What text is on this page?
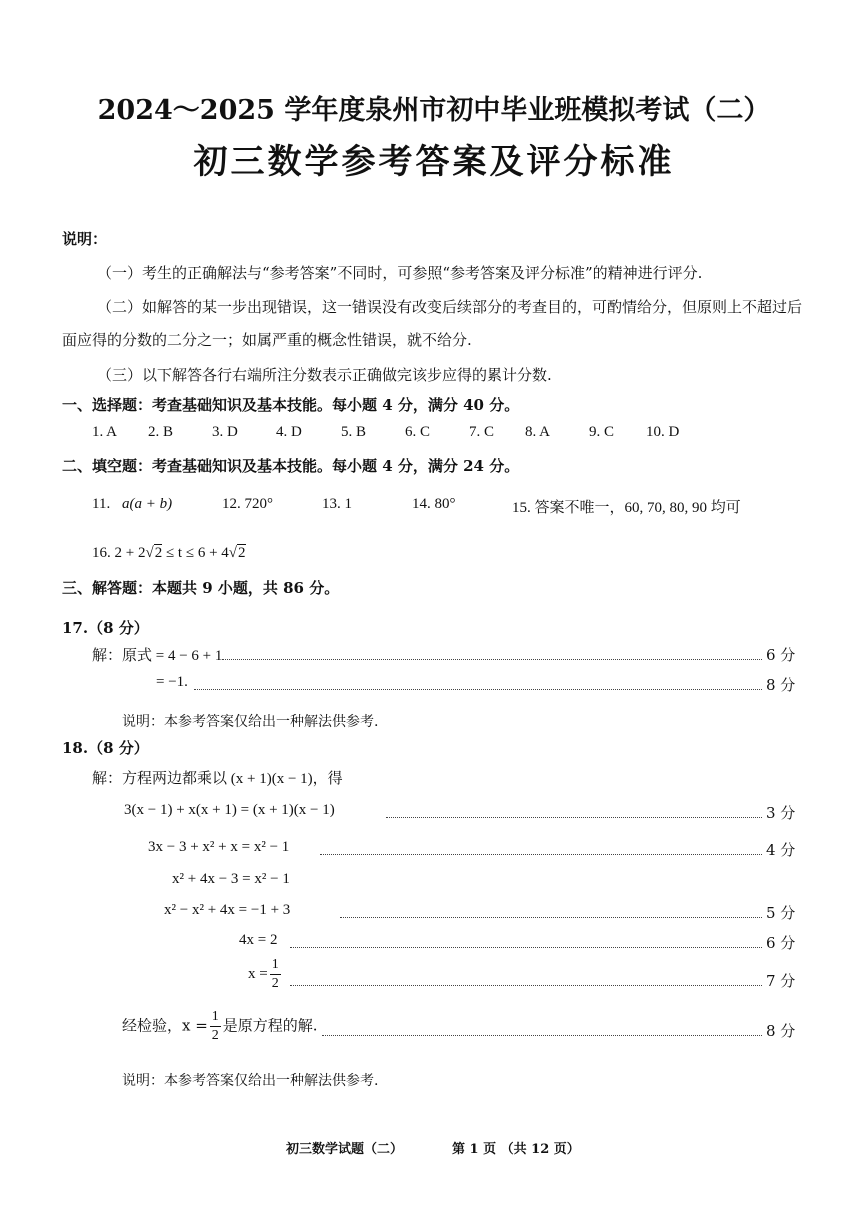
2024～2025 学年度泉州市初中毕业班模拟考试（二）
初三数学参考答案及评分标准
说明：
（一）考生的正确解法与“参考答案”不同时，可参照“参考答案及评分标准”的精神进行评分.
（二）如解答的某一步出现错误，这一错误没有改变后续部分的考查目的，可酌情给分，但原则上不超过后
面应得的分数的二分之一；如属严重的概念性错误，就不给分.
（三）以下解答各行右端所注分数表示正确做完该步应得的累计分数.
一、选择题：考查基础知识及基本技能。每小题 4 分，满分 40 分。
1. A 2. B	3. D	4. D	5. B	6. C	7. C 8. A	9. C 10. D
二、填空题：考查基础知识及基本技能。每小题 4 分，满分 24 分。
11. a(a + b)	12. 720°	13. 1	14. 80°	15. 答案不唯一，60, 70, 80, 90 均可
16. 2 + 2√2 ≤ t ≤ 6 + 4√2
三、解答题：本题共 9 小题，共 86 分。
17.（8 分）
解：原式 = 4 − 6 + 1	6 分
= −1.	8 分
说明：本参考答案仅给出一种解法供参考.
18.（8 分）
解：方程两边都乘以 (x + 1)(x − 1)，得
3(x − 1) + x(x + 1) = (x + 1)(x − 1)	3 分
3x − 3 + x² + x = x² − 1	4 分
x² + 4x − 3 = x² − 1
x² − x² + 4x = −1 + 3	5 分
4x = 2	6 分
$x = \frac{1}{2}$	7 分
经检验，$x = \frac{1}{2}$ 是原方程的解.	8 分
说明：本参考答案仅给出一种解法供参考.
初三数学试题（二）	第 1 页 （共 12 页）
